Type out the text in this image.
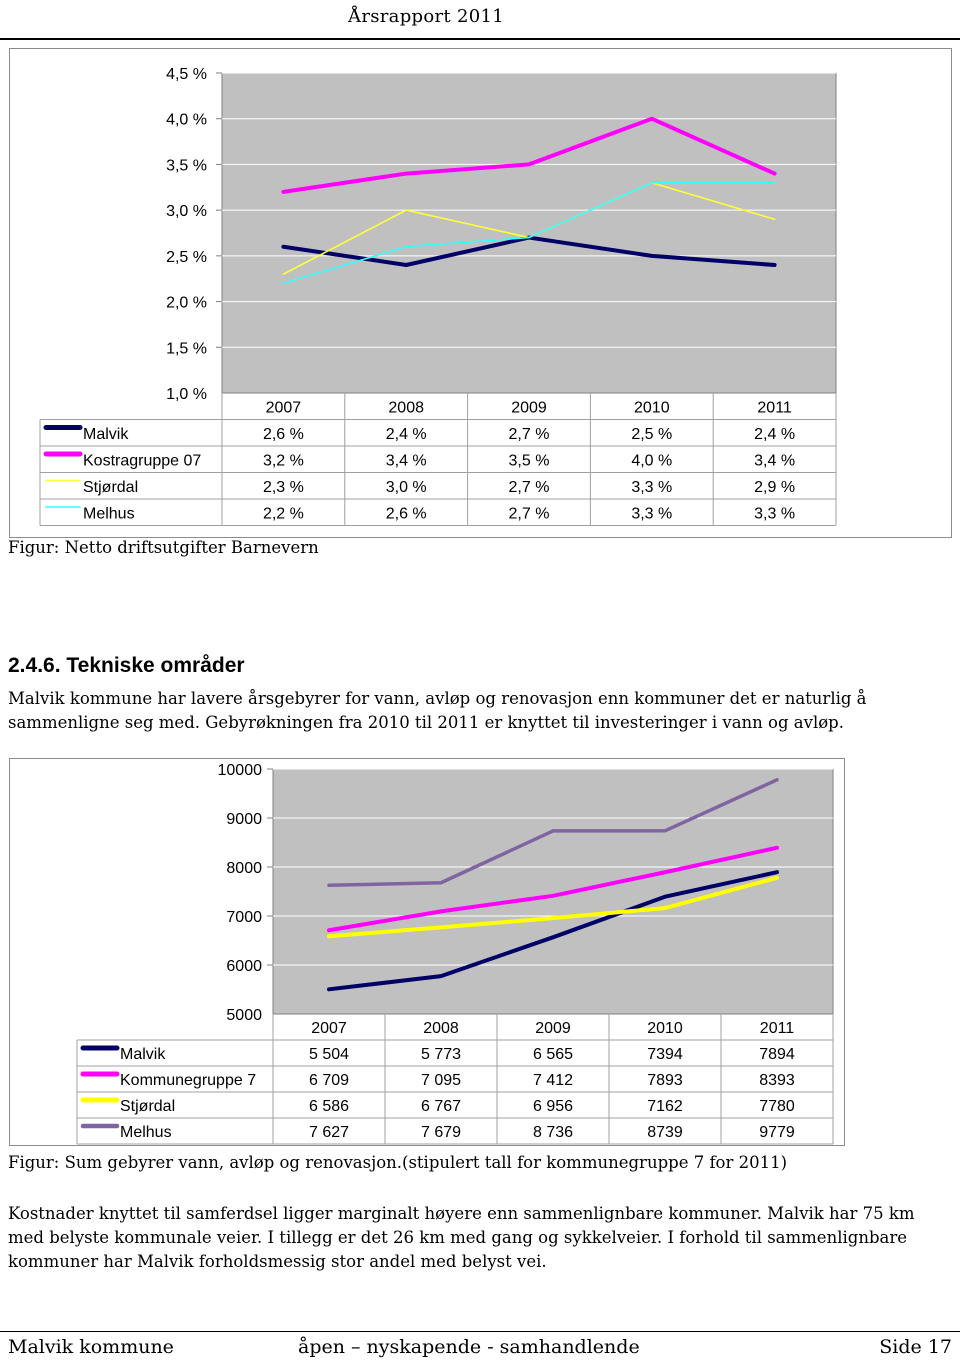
Årsrapport 2011
4,5 %
4,0 %
3,5 %
3,0 %
2,5 %
2,0 %
1,5 %
1,0 %
2007	2008	2009	2010	2011
Malvik	2,6 %	2,4 %	2,7 %	2,5 %	2,4 %
Kostragruppe 07	3,2 %	3,4 %	3,5 %	4,0 %	3,4 %
Stjørdal	2,3 %	3,0 %	2,7 %	3,3 %	2,9 %
Melhus	2,2 %	2,6 %	2,7 %	3,3 %	3,3 %
Figur: Netto driftsutgifter Barnevern
2.4.6. Tekniske områder

Malvik kommune har lavere årsgebyrer for vann, avløp og renovasjon enn kommuner det er naturlig å sammenligne seg med. Gebyrøkningen fra 2010 til 2011 er knyttet til investeringer i vann og avløp.

10000
9000
8000
7000
6000
5000
2007	2008	2009	2010	2011
Malvik	5 504	5 773	6 565	7394	7894
Kommunegruppe 7	6 709	7 095	7 412	7893	8393
Stjørdal	6 586	6 767	6 956	7162	7780
Melhus	7 627	7 679	8 736	8739	9779
Figur: Sum gebyrer vann, avløp og renovasjon.(stipulert tall for kommunegruppe 7 for 2011)

Kostnader knyttet til samferdsel ligger marginalt høyere enn sammenlignbare kommuner. Malvik har 75 km med belyste kommunale veier. I tillegg er det 26 km med gang og sykkelveier. I forhold til sammenlignbare kommuner har Malvik forholdsmessig stor andel med belyst vei.

Malvik kommune	åpen – nyskapende - samhandlende	Side 17
